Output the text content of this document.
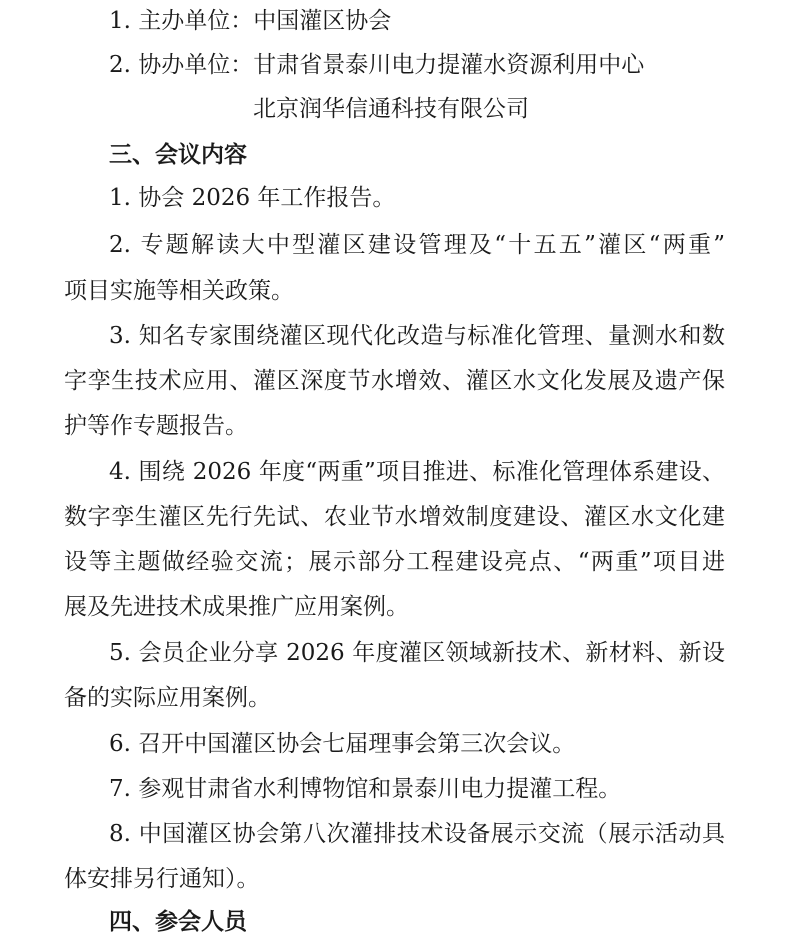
1. 主办单位：中国灌区协会
2. 协办单位：甘肃省景泰川电力提灌水资源利用中心
北京润华信通科技有限公司
三、会议内容
1. 协会 2026 年工作报告。
2. 专题解读大中型灌区建设管理及“十五五”灌区“两重”
项目实施等相关政策。
3. 知名专家围绕灌区现代化改造与标准化管理、量测水和数
字孪生技术应用、灌区深度节水增效、灌区水文化发展及遗产保
护等作专题报告。
4. 围绕 2026 年度“两重”项目推进、标准化管理体系建设、
数字孪生灌区先行先试、农业节水增效制度建设、灌区水文化建
设等主题做经验交流；展示部分工程建设亮点、“两重”项目进
展及先进技术成果推广应用案例。
5. 会员企业分享 2026 年度灌区领域新技术、新材料、新设
备的实际应用案例。
6. 召开中国灌区协会七届理事会第三次会议。
7. 参观甘肃省水利博物馆和景泰川电力提灌工程。
8. 中国灌区协会第八次灌排技术设备展示交流（展示活动具
体安排另行通知）。
四、参会人员
